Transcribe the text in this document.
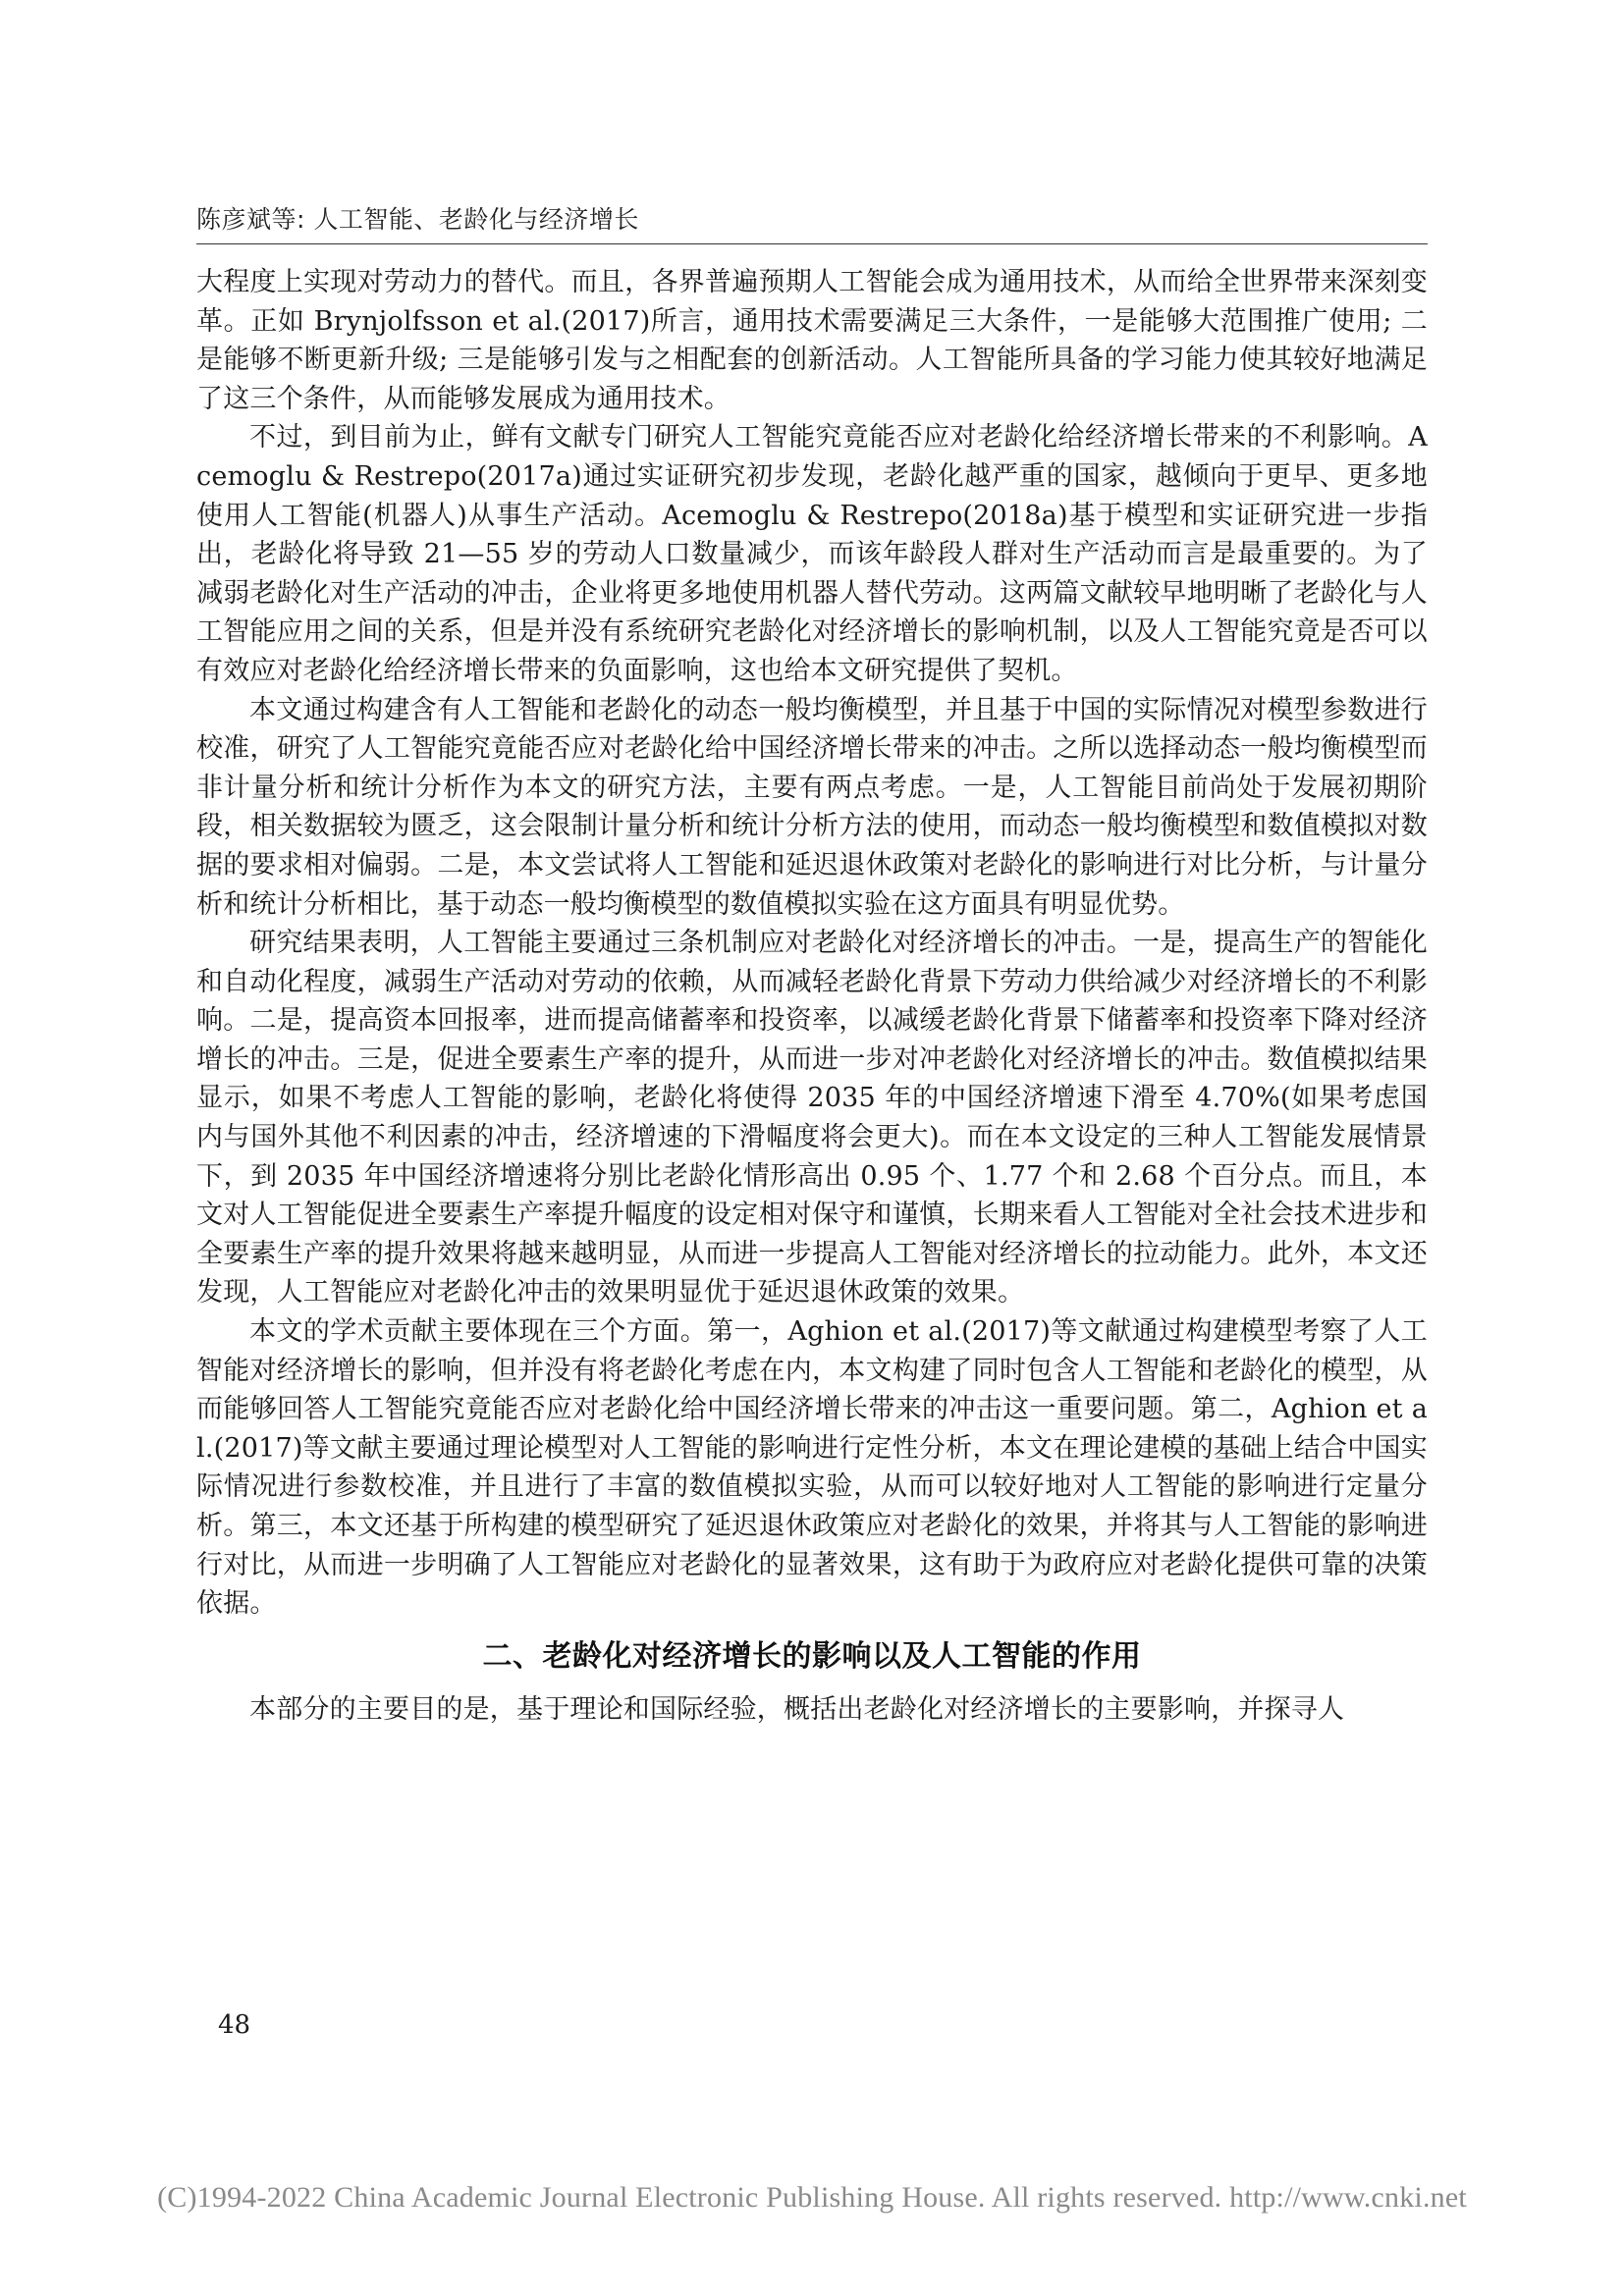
陈彦斌等: 人工智能、老龄化与经济增长

大程度上实现对劳动力的替代。而且，各界普遍预期人工智能会成为通用技术，从而给全世界带来深刻变革。正如 Brynjolfsson et al.(2017)所言，通用技术需要满足三大条件，一是能够大范围推广使用; 二是能够不断更新升级; 三是能够引发与之相配套的创新活动。人工智能所具备的学习能力使其较好地满足了这三个条件，从而能够发展成为通用技术。

不过，到目前为止，鲜有文献专门研究人工智能究竟能否应对老龄化给经济增长带来的不利影响。Acemoglu & Restrepo(2017a)通过实证研究初步发现，老龄化越严重的国家，越倾向于更早、更多地使用人工智能(机器人)从事生产活动。Acemoglu & Restrepo(2018a)基于模型和实证研究进一步指出，老龄化将导致 21—55 岁的劳动人口数量减少，而该年龄段人群对生产活动而言是最重要的。为了减弱老龄化对生产活动的冲击，企业将更多地使用机器人替代劳动。这两篇文献较早地明晰了老龄化与人工智能应用之间的关系，但是并没有系统研究老龄化对经济增长的影响机制，以及人工智能究竟是否可以有效应对老龄化给经济增长带来的负面影响，这也给本文研究提供了契机。

本文通过构建含有人工智能和老龄化的动态一般均衡模型，并且基于中国的实际情况对模型参数进行校准，研究了人工智能究竟能否应对老龄化给中国经济增长带来的冲击。之所以选择动态一般均衡模型而非计量分析和统计分析作为本文的研究方法，主要有两点考虑。一是，人工智能目前尚处于发展初期阶段，相关数据较为匮乏，这会限制计量分析和统计分析方法的使用，而动态一般均衡模型和数值模拟对数据的要求相对偏弱。二是，本文尝试将人工智能和延迟退休政策对老龄化的影响进行对比分析，与计量分析和统计分析相比，基于动态一般均衡模型的数值模拟实验在这方面具有明显优势。

研究结果表明，人工智能主要通过三条机制应对老龄化对经济增长的冲击。一是，提高生产的智能化和自动化程度，减弱生产活动对劳动的依赖，从而减轻老龄化背景下劳动力供给减少对经济增长的不利影响。二是，提高资本回报率，进而提高储蓄率和投资率，以减缓老龄化背景下储蓄率和投资率下降对经济增长的冲击。三是，促进全要素生产率的提升，从而进一步对冲老龄化对经济增长的冲击。数值模拟结果显示，如果不考虑人工智能的影响，老龄化将使得 2035 年的中国经济增速下滑至 4.70%(如果考虑国内与国外其他不利因素的冲击，经济增速的下滑幅度将会更大)。而在本文设定的三种人工智能发展情景下，到 2035 年中国经济增速将分别比老龄化情形高出 0.95 个、1.77 个和 2.68 个百分点。而且，本文对人工智能促进全要素生产率提升幅度的设定相对保守和谨慎，长期来看人工智能对全社会技术进步和全要素生产率的提升效果将越来越明显，从而进一步提高人工智能对经济增长的拉动能力。此外，本文还发现，人工智能应对老龄化冲击的效果明显优于延迟退休政策的效果。

本文的学术贡献主要体现在三个方面。第一，Aghion et al.(2017)等文献通过构建模型考察了人工智能对经济增长的影响，但并没有将老龄化考虑在内，本文构建了同时包含人工智能和老龄化的模型，从而能够回答人工智能究竟能否应对老龄化给中国经济增长带来的冲击这一重要问题。第二，Aghion et al.(2017)等文献主要通过理论模型对人工智能的影响进行定性分析，本文在理论建模的基础上结合中国实际情况进行参数校准，并且进行了丰富的数值模拟实验，从而可以较好地对人工智能的影响进行定量分析。第三，本文还基于所构建的模型研究了延迟退休政策应对老龄化的效果，并将其与人工智能的影响进行对比，从而进一步明确了人工智能应对老龄化的显著效果，这有助于为政府应对老龄化提供可靠的决策依据。

二、老龄化对经济增长的影响以及人工智能的作用

本部分的主要目的是，基于理论和国际经验，概括出老龄化对经济增长的主要影响，并探寻人

48
(C)1994-2022 China Academic Journal Electronic Publishing House. All rights reserved. http://www.cnki.net
